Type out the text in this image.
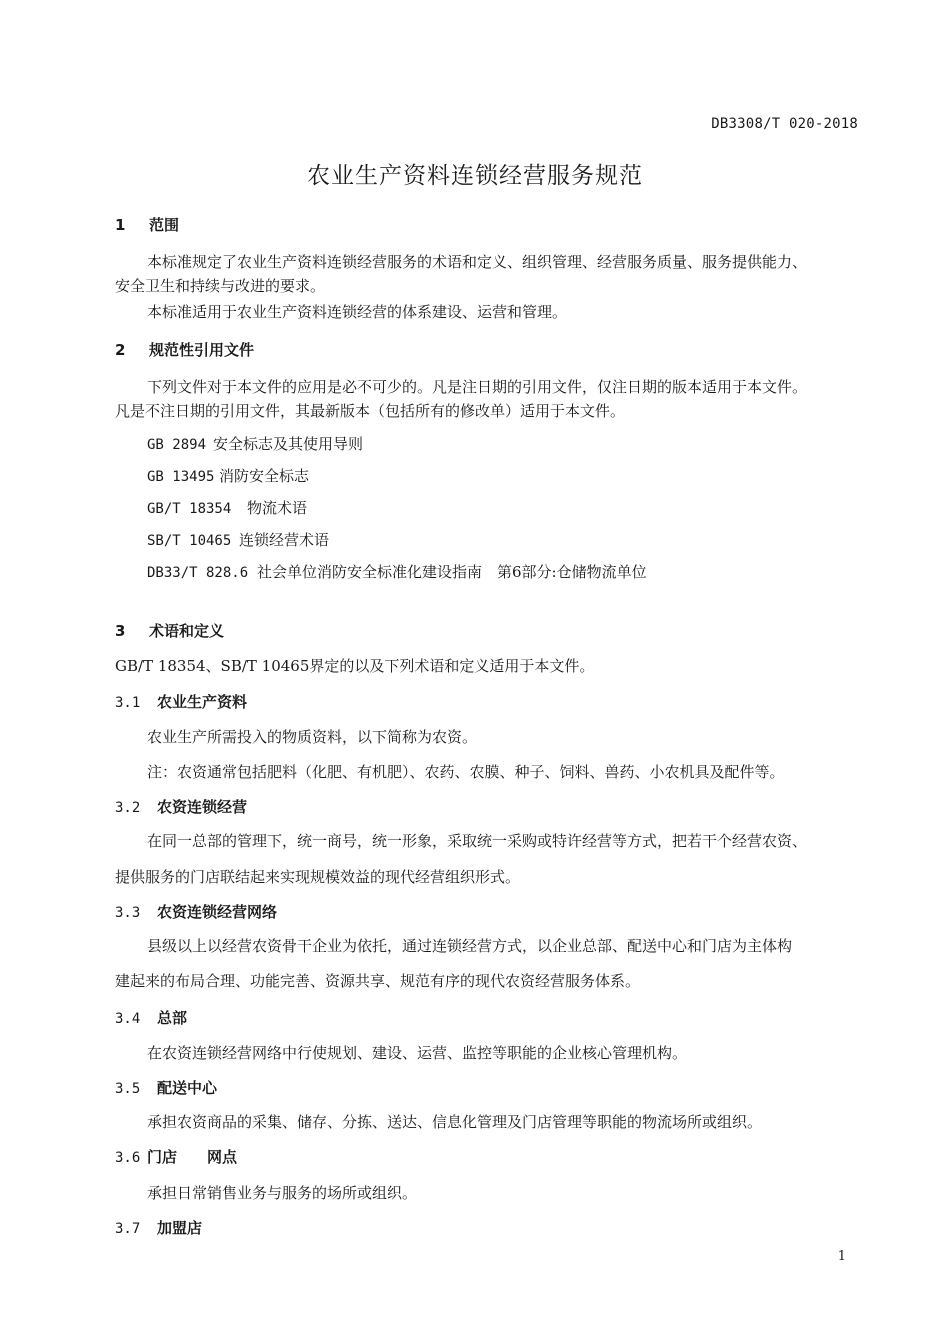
DB3308/T 020-2018
农业生产资料连锁经营服务规范
1 范围
本标准规定了农业生产资料连锁经营服务的术语和定义、组织管理、经营服务质量、服务提供能力、
安全卫生和持续与改进的要求。
本标准适用于农业生产资料连锁经营的体系建设、运营和管理。
2 规范性引用文件
下列文件对于本文件的应用是必不可少的。凡是注日期的引用文件，仅注日期的版本适用于本文件。
凡是不注日期的引用文件，其最新版本（包括所有的修改单）适用于本文件。
GB 2894 安全标志及其使用导则
GB 13495 消防安全标志
GB/T 18354 物流术语
SB/T 10465 连锁经营术语
DB33/T 828.6 社会单位消防安全标准化建设指南　第6部分:仓储物流单位
3 术语和定义
GB/T 18354、SB/T 10465界定的以及下列术语和定义适用于本文件。
3.1 农业生产资料
农业生产所需投入的物质资料，以下简称为农资。
注：农资通常包括肥料（化肥、有机肥）、农药、农膜、种子、饲料、兽药、小农机具及配件等。
3.2 农资连锁经营
在同一总部的管理下，统一商号，统一形象，采取统一采购或特许经营等方式，把若干个经营农资、
提供服务的门店联结起来实现规模效益的现代经营组织形式。
3.3 农资连锁经营网络
县级以上以经营农资骨干企业为依托，通过连锁经营方式，以企业总部、配送中心和门店为主体构
建起来的布局合理、功能完善、资源共享、规范有序的现代农资经营服务体系。
3.4 总部
在农资连锁经营网络中行使规划、建设、运营、监控等职能的企业核心管理机构。
3.5 配送中心
承担农资商品的采集、储存、分拣、送达、信息化管理及门店管理等职能的物流场所或组织。
3.6 门店　　网点
承担日常销售业务与服务的场所或组织。
3.7 加盟店
1
